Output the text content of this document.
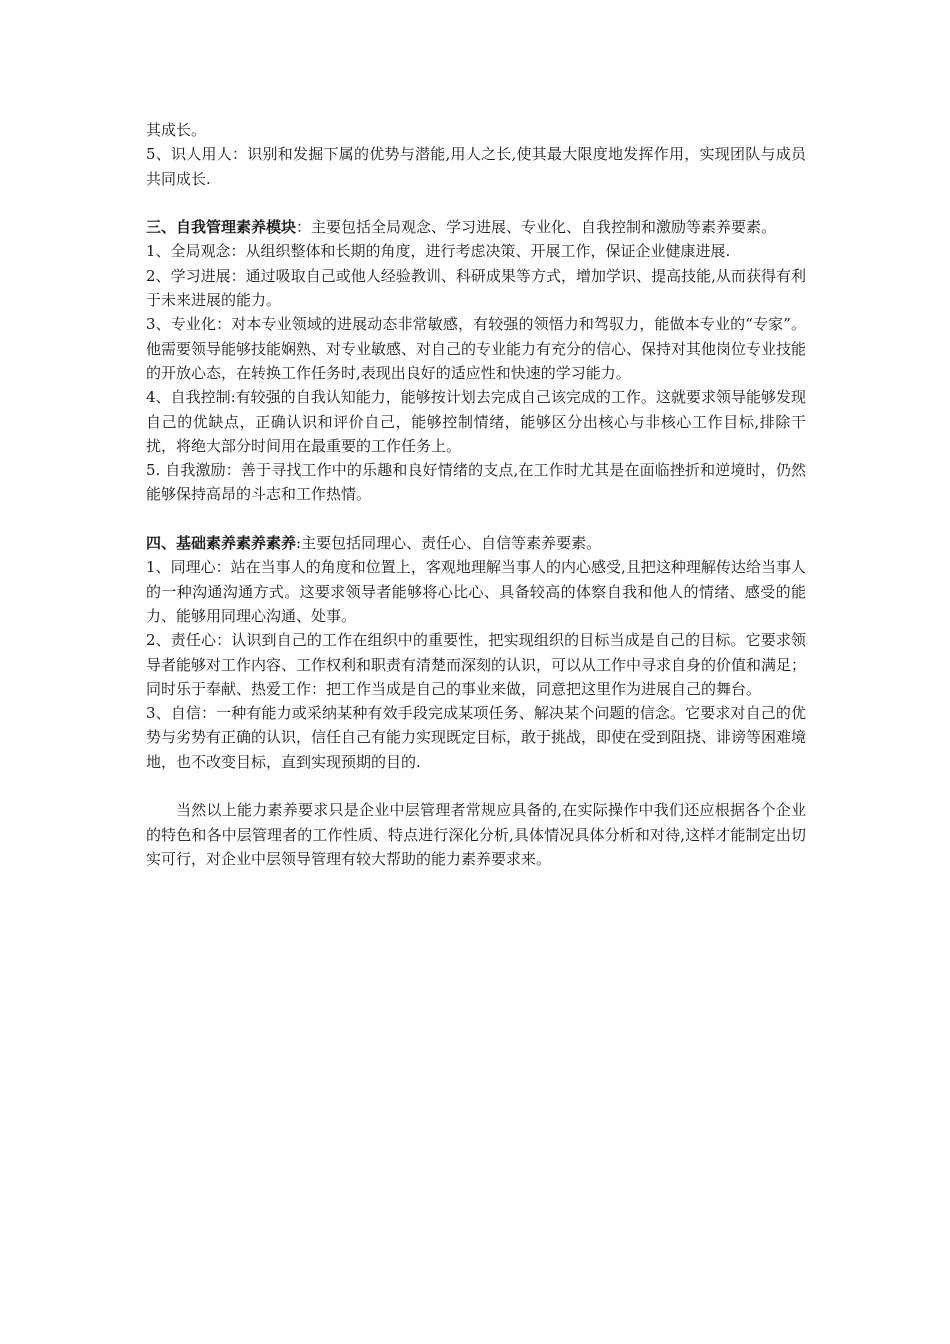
其成长。

5、识人用人：识别和发掘下属的优势与潜能,用人之长,使其最大限度地发挥作用，实现团队与成员共同成长.

三、自我管理素养模块：主要包括全局观念、学习进展、专业化、自我控制和激励等素养要素。

1、全局观念：从组织整体和长期的角度，进行考虑决策、开展工作，保证企业健康进展.

2、学习进展：通过吸取自己或他人经验教训、科研成果等方式，增加学识、提高技能,从而获得有利于未来进展的能力。

3、专业化：对本专业领域的进展动态非常敏感，有较强的领悟力和驾驭力，能做本专业的“专家”。他需要领导能够技能娴熟、对专业敏感、对自己的专业能力有充分的信心、保持对其他岗位专业技能的开放心态，在转换工作任务时,表现出良好的适应性和快速的学习能力。

4、自我控制:有较强的自我认知能力，能够按计划去完成自己该完成的工作。这就要求领导能够发现自己的优缺点，正确认识和评价自己，能够控制情绪，能够区分出核心与非核心工作目标,排除干扰，将绝大部分时间用在最重要的工作任务上。

5. 自我激励：善于寻找工作中的乐趣和良好情绪的支点,在工作时尤其是在面临挫折和逆境时，仍然能够保持高昂的斗志和工作热情。

四、基础素养素养素养:主要包括同理心、责任心、自信等素养要素。

1、同理心：站在当事人的角度和位置上，客观地理解当事人的内心感受,且把这种理解传达给当事人的一种沟通沟通方式。这要求领导者能够将心比心、具备较高的体察自我和他人的情绪、感受的能力、能够用同理心沟通、处事。

2、责任心：认识到自己的工作在组织中的重要性，把实现组织的目标当成是自己的目标。它要求领导者能够对工作内容、工作权利和职责有清楚而深刻的认识，可以从工作中寻求自身的价值和满足；同时乐于奉献、热爱工作：把工作当成是自己的事业来做，同意把这里作为进展自己的舞台。

3、自信：一种有能力或采纳某种有效手段完成某项任务、解决某个问题的信念。它要求对自己的优势与劣势有正确的认识，信任自己有能力实现既定目标，敢于挑战，即使在受到阻挠、诽谤等困难境地，也不改变目标，直到实现预期的目的.

当然以上能力素养要求只是企业中层管理者常规应具备的,在实际操作中我们还应根据各个企业的特色和各中层管理者的工作性质、特点进行深化分析,具体情况具体分析和对待,这样才能制定出切实可行，对企业中层领导管理有较大帮助的能力素养要求来。
